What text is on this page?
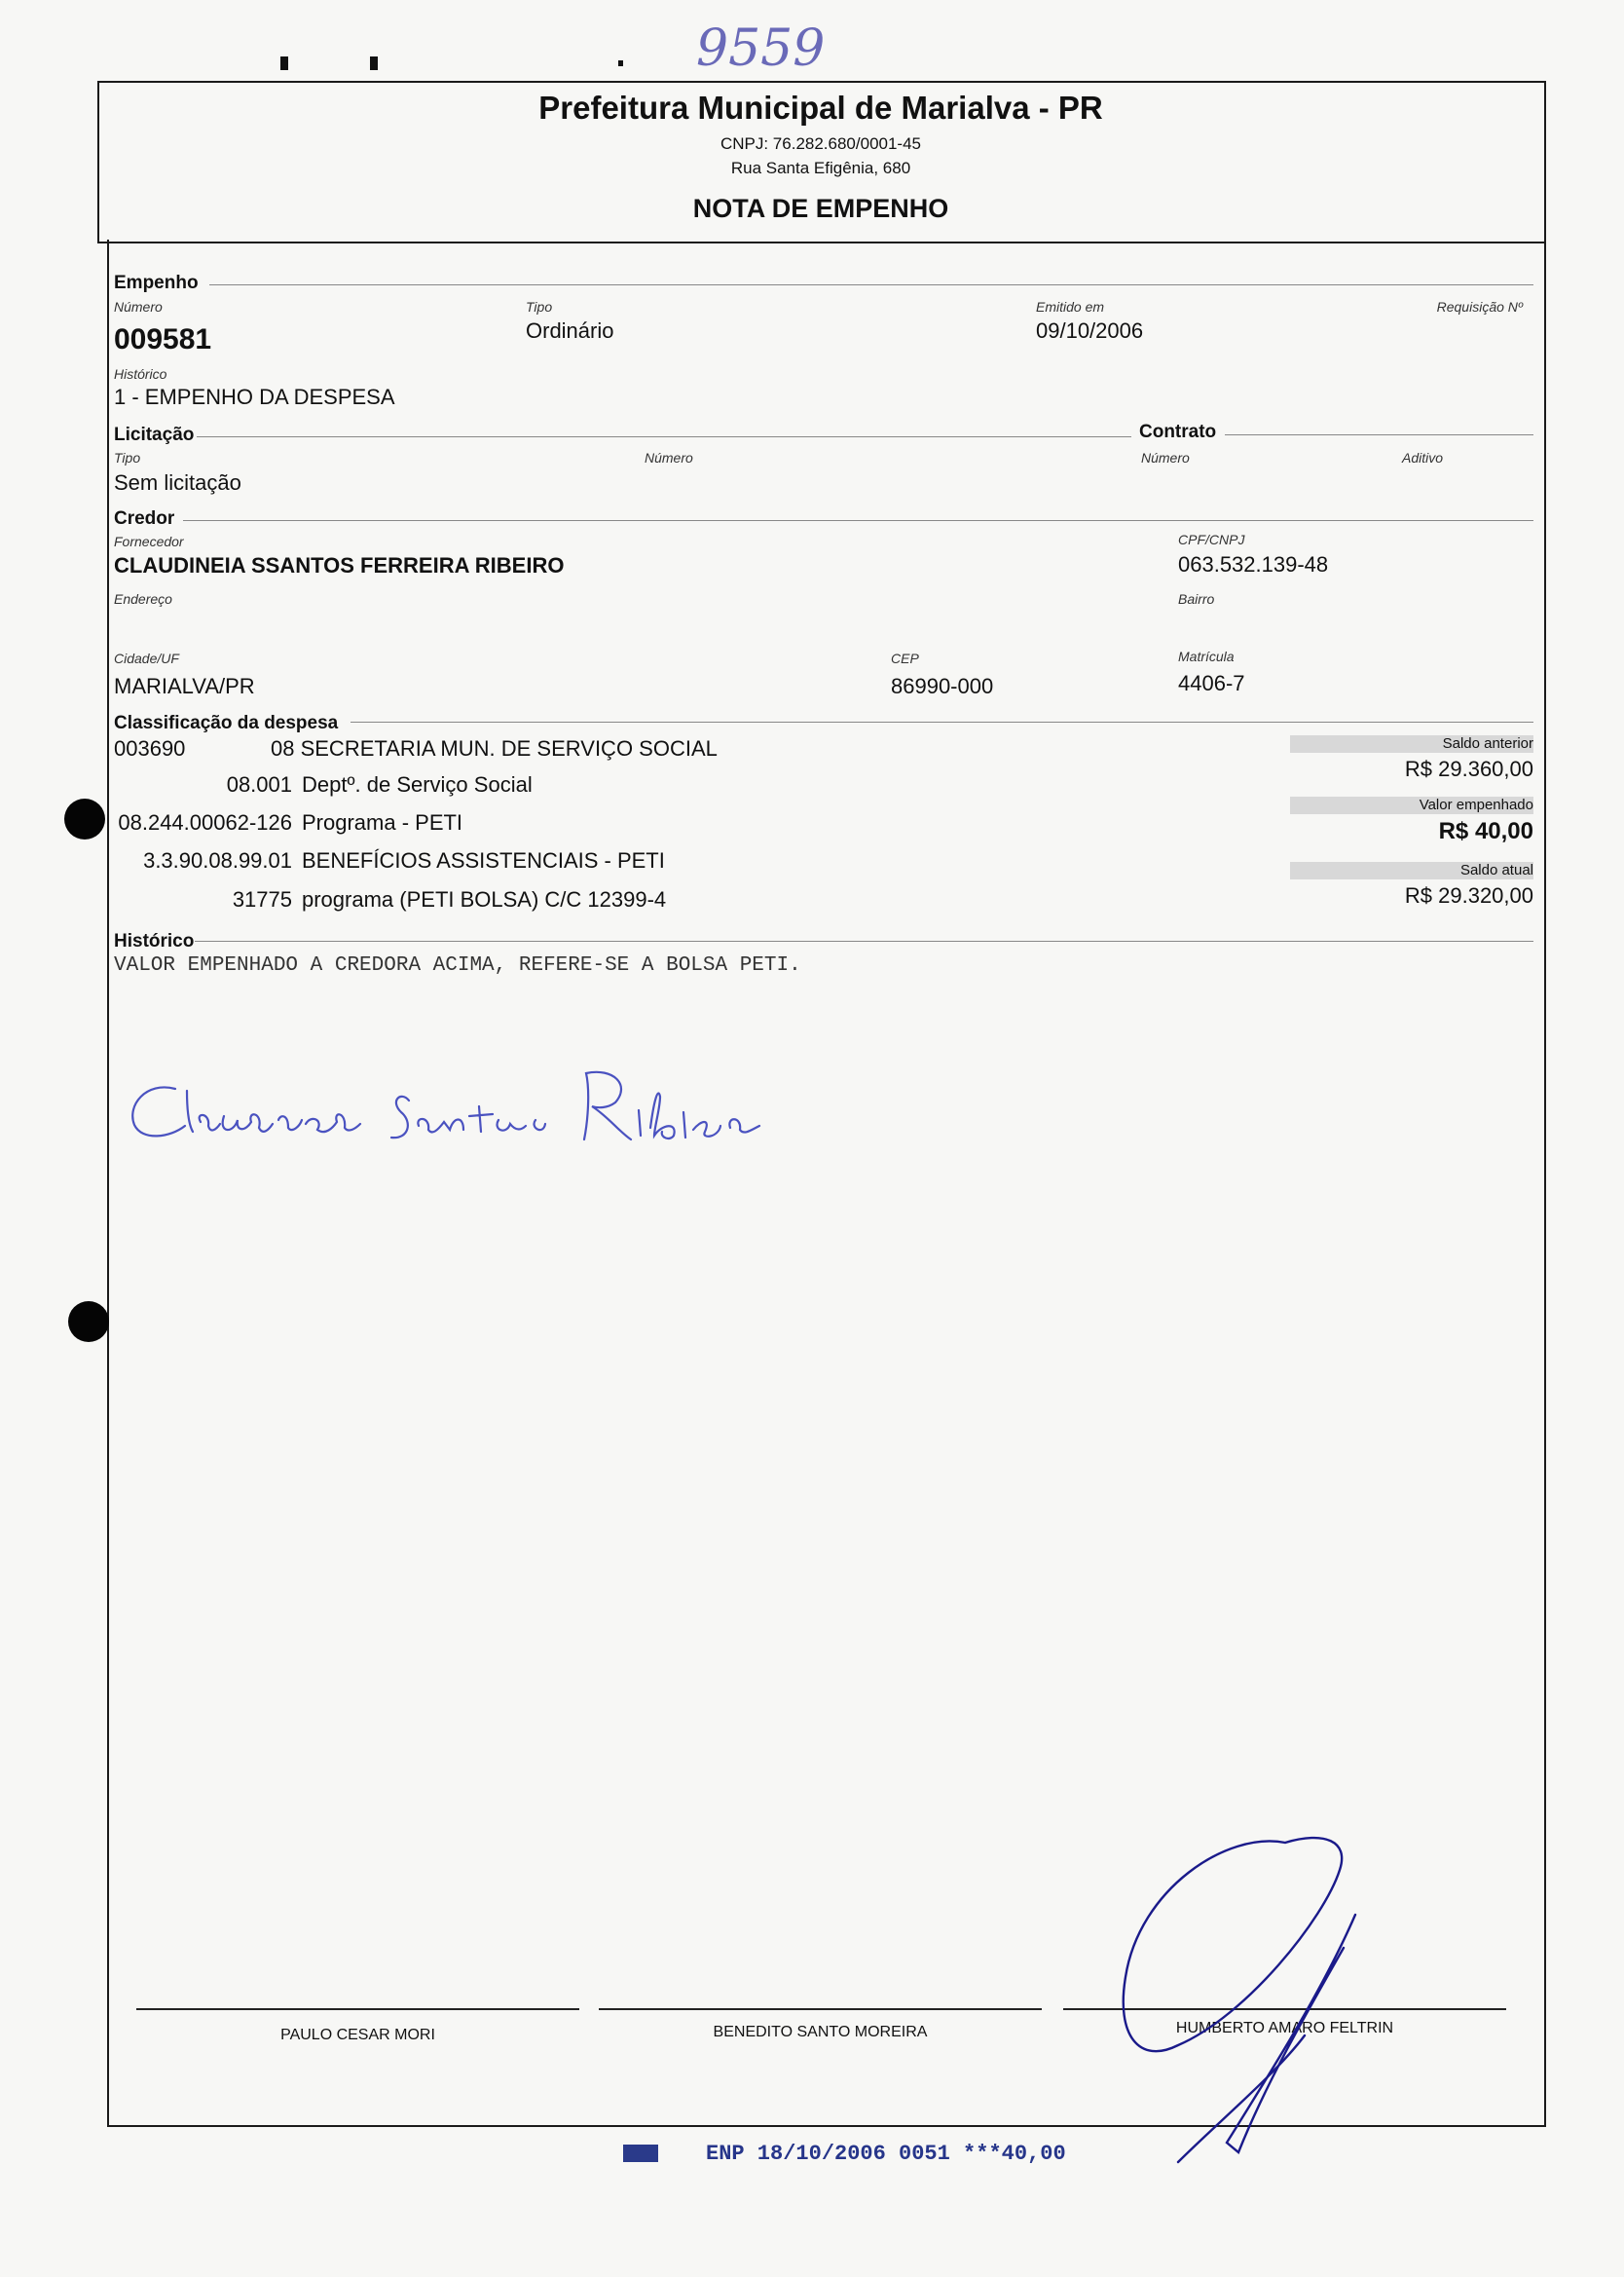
9559
Prefeitura Municipal de Marialva - PR
CNPJ: 76.282.680/0001-45
Rua Santa Efigênia, 680
NOTA DE EMPENHO
Empenho
Número
009581
Tipo
Ordinário
Emitido em
09/10/2006
Requisição Nº
Histórico
1 - EMPENHO DA DESPESA
Licitação	Contrato
Tipo
Sem licitação
Número	Número	Aditivo
Credor
Fornecedor
CLAUDINEIA SSANTOS FERREIRA RIBEIRO
CPF/CNPJ
063.532.139-48
Endereço	Bairro
Cidade/UF
MARIALVA/PR
CEP
86990-000
Matrícula
4406-7
Classificação da despesa
003690	08 SECRETARIA MUN. DE SERVIÇO SOCIAL
08.001 Deptº. de Serviço Social
08.244.00062-126 Programa - PETI
3.3.90.08.99.01 BENEFÍCIOS ASSISTENCIAIS - PETI
31775 programa (PETI BOLSA) C/C 12399-4
Saldo anterior
R$ 29.360,00
Valor empenhado
R$ 40,00
Saldo atual
R$ 29.320,00
Histórico
VALOR EMPENHADO A CREDORA ACIMA, REFERE-SE A BOLSA PETI.
PAULO CESAR MORI	BENEDITO SANTO MOREIRA	HUMBERTO AMARO FELTRIN
ENP 18/10/2006 0051 ***40,00
